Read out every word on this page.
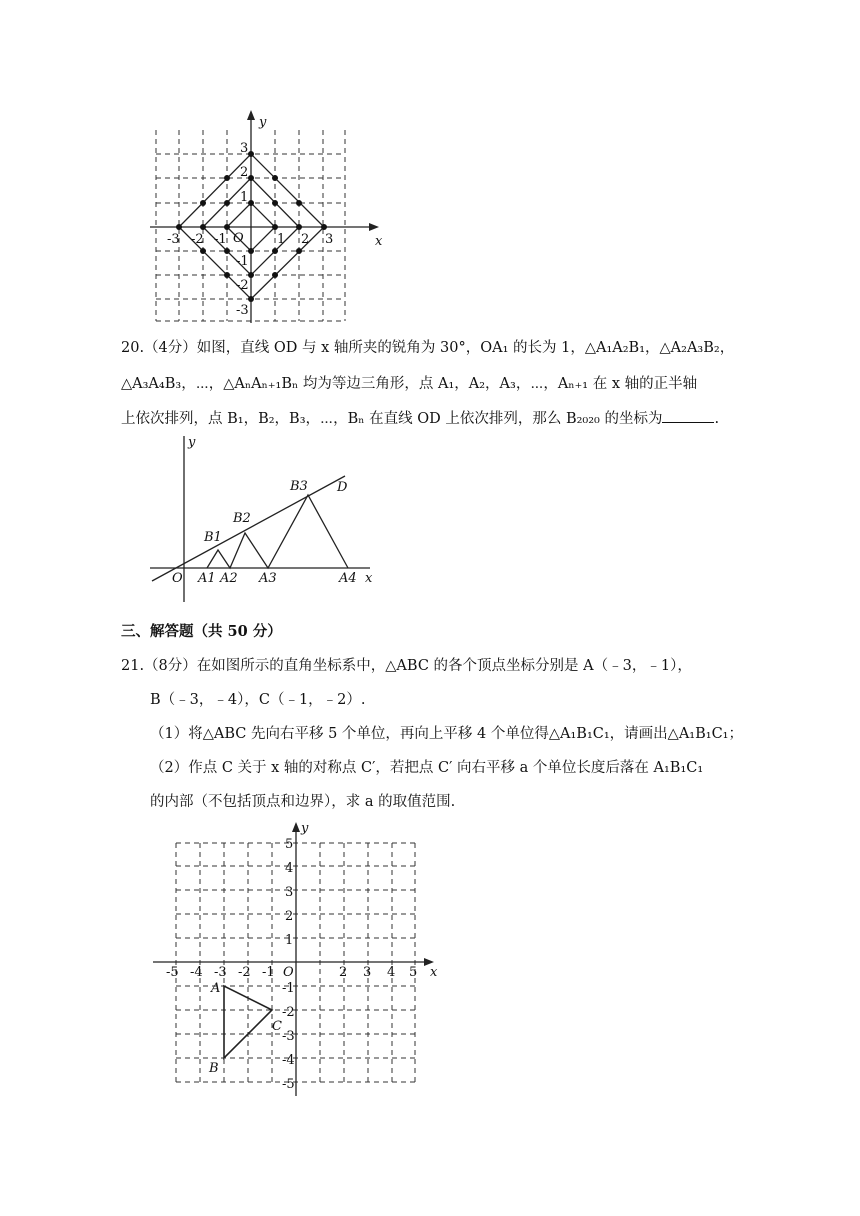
y
x
O
-3 -2 -1	1 2 3
3
2
1
-1
-2
-3
20.（4分）如图，直线 OD 与 x 轴所夹的锐角为 30°，OA₁ 的长为 1，△A₁A₂B₁，△A₂A₃B₂，
△A₃A₄B₃，⋯，△AₙAₙ₊₁Bₙ 均为等边三角形，点 A₁，A₂，A₃，⋯，Aₙ₊₁ 在 x 轴的正半轴
上依次排列，点 B₁，B₂，B₃，⋯，Bₙ 在直线 OD 上依次排列，那么 B₂₀₂₀ 的坐标为	.
y
x
O
D
A1 A2 A3	A4
B1
B2
B3
三、解答题（共 50 分）
21.（8分）在如图所示的直角坐标系中，△ABC 的各个顶点坐标分别是 A（﹣3，﹣1），
B（﹣3，﹣4），C（﹣1，﹣2）.
（1）将△ABC 先向右平移 5 个单位，再向上平移 4 个单位得△A₁B₁C₁，请画出△A₁B₁C₁；
（2）作点 C 关于 x 轴的对称点 C′，若把点 C′ 向右平移 a 个单位长度后落在 A₁B₁C₁
的内部（不包括顶点和边界），求 a 的取值范围.
y
x
O
-5 -4 -3 -2 -1	2 3 4 5
5
4
3
2
1
-1
-2
-3
-4
-5
A
B
C
